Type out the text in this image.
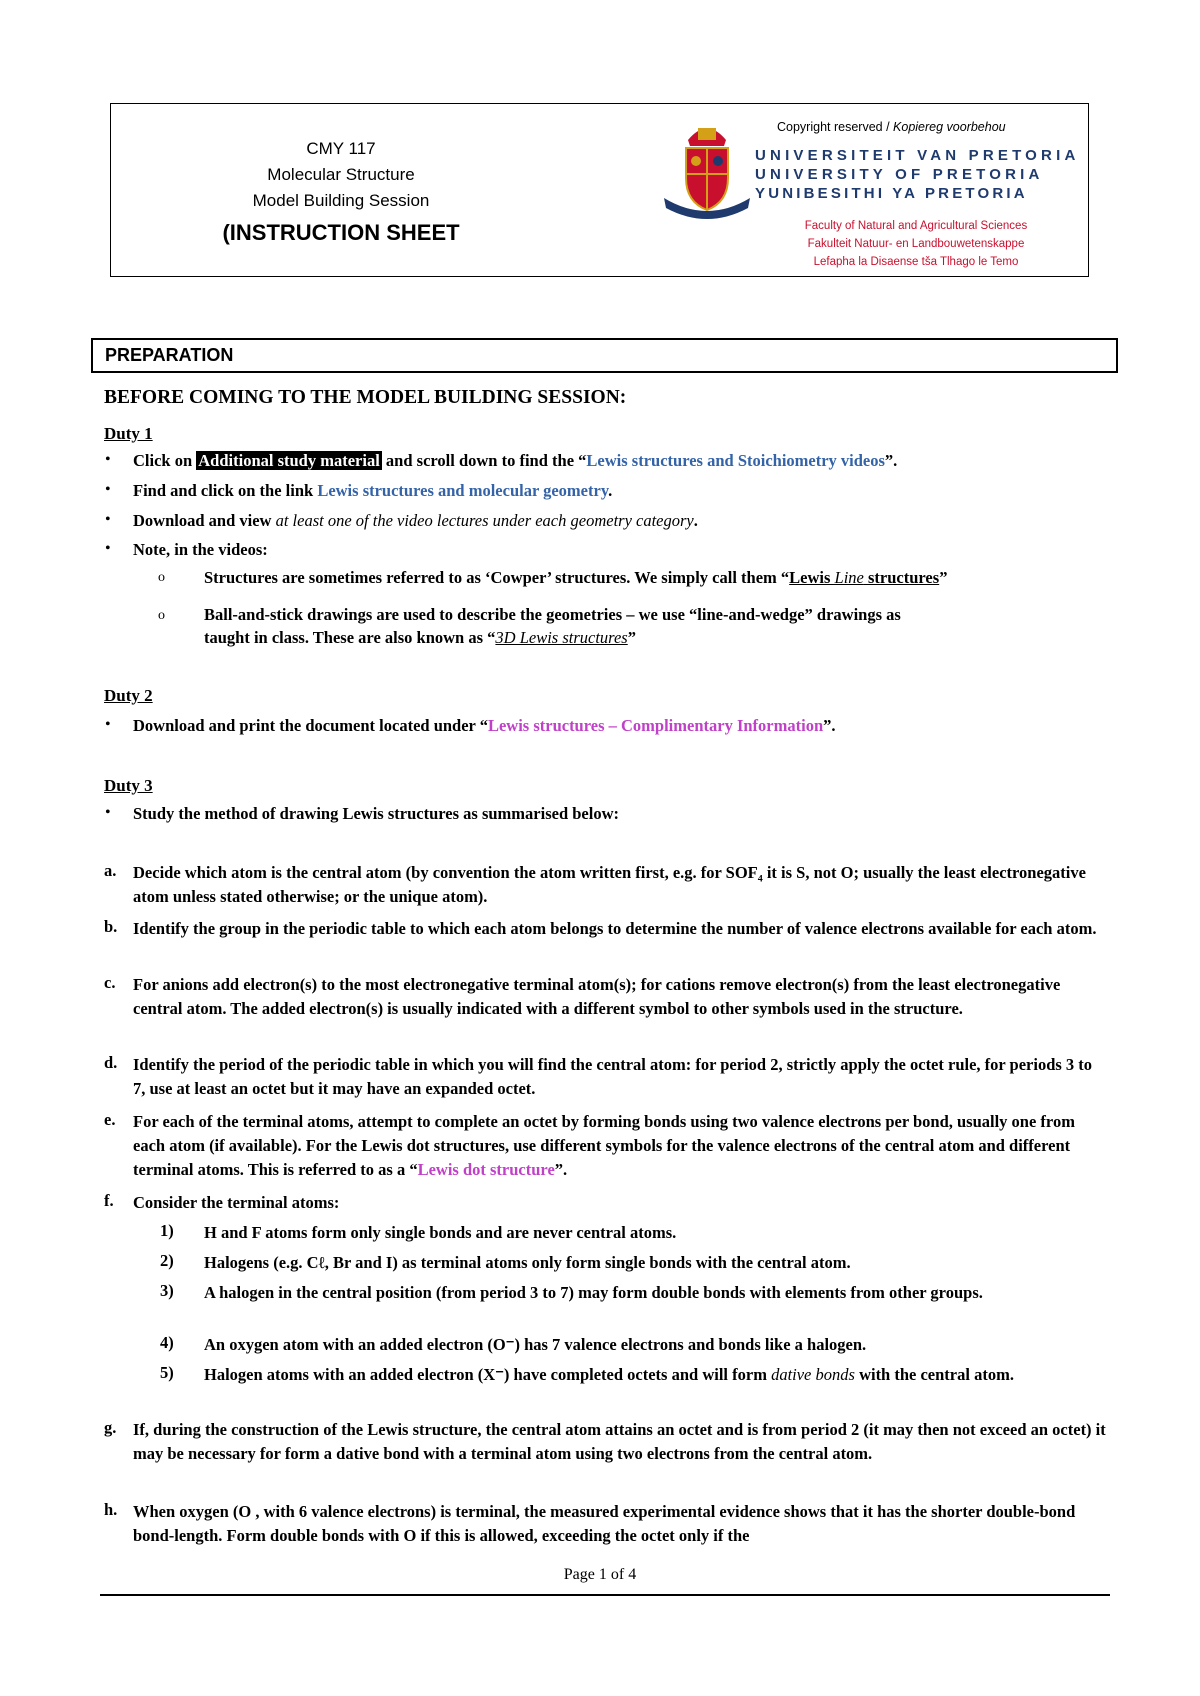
CMY 117
Molecular Structure
Model Building Session
(INSTRUCTION SHEET
Copyright reserved / Kopiereg voorbehou
UNIVERSITEIT VAN PRETORIA
UNIVERSITY OF PRETORIA
YUNIBESITHI YA PRETORIA
Faculty of Natural and Agricultural Sciences
Fakulteit Natuur- en Landbouwetenskappe
Lefapha la Disaense tša Tlhago le Temo
PREPARATION
BEFORE COMING TO THE MODEL BUILDING SESSION:
Duty 1
• Click on Additional study material and scroll down to find the “Lewis structures and Stoichiometry videos”.
• Find and click on the link Lewis structures and molecular geometry.
• Download and view at least one of the video lectures under each geometry category.
• Note, in the videos:
o Structures are sometimes referred to as ‘Cowper’ structures. We simply call them “Lewis Line structures”
o Ball-and-stick drawings are used to describe the geometries – we use “line-and-wedge” drawings as
taught in class. These are also known as “3D Lewis structures”
Duty 2
• Download and print the document located under “Lewis structures – Complimentary Information”.
Duty 3
• Study the method of drawing Lewis structures as summarised below:
a. Decide which atom is the central atom (by convention the atom written first, e.g. for SOF₄ it is S, not O; usually the least electronegative atom unless stated otherwise; or the unique atom).
b. Identify the group in the periodic table to which each atom belongs to determine the number of valence electrons available for each atom.
c. For anions add electron(s) to the most electronegative terminal atom(s); for cations remove electron(s) from the least electronegative central atom. The added electron(s) is usually indicated with a different symbol to other symbols used in the structure.
d. Identify the period of the periodic table in which you will find the central atom: for period 2, strictly apply the octet rule, for periods 3 to 7, use at least an octet but it may have an expanded octet.
e. For each of the terminal atoms, attempt to complete an octet by forming bonds using two valence electrons per bond, usually one from each atom (if available). For the Lewis dot structures, use different symbols for the valence electrons of the central atom and different terminal atoms. This is referred to as a “Lewis dot structure”.
f. Consider the terminal atoms:
1) H and F atoms form only single bonds and are never central atoms.
2) Halogens (e.g. Cℓ, Br and I) as terminal atoms only form single bonds with the central atom.
3) A halogen in the central position (from period 3 to 7) may form double bonds with elements from other groups.
4) An oxygen atom with an added electron (O⁻) has 7 valence electrons and bonds like a halogen.
5) Halogen atoms with an added electron (X⁻) have completed octets and will form dative bonds with the central atom.
g. If, during the construction of the Lewis structure, the central atom attains an octet and is from period 2 (it may then not exceed an octet) it may be necessary for form a dative bond with a terminal atom using two electrons from the central atom.
h. When oxygen (O , with 6 valence electrons) is terminal, the measured experimental evidence shows that it has the shorter double-bond bond-length. Form double bonds with O if this is allowed, exceeding the octet only if the
Page 1 of 4
